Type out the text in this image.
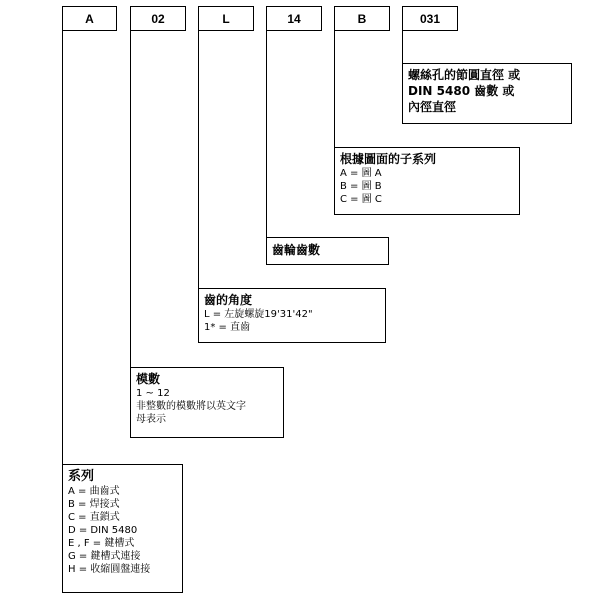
A	02	L	14	B	031
螺絲孔的節圓直徑 或
DIN 5480 齒數 或
內徑直徑
根據圖面的子系列
A = 圖 A
B = 圖 B
C = 圖 C
齒輪齒數
齒的角度
L = 左旋螺旋19'31'42"
1* = 直齒
模數
1 ~ 12
非整數的模數將以英文字
母表示
系列
A = 曲齒式
B = 焊接式
C = 直鎖式
D = DIN 5480
E , F = 鍵槽式
G = 鍵槽式連接
H = 收縮圓盤連接
